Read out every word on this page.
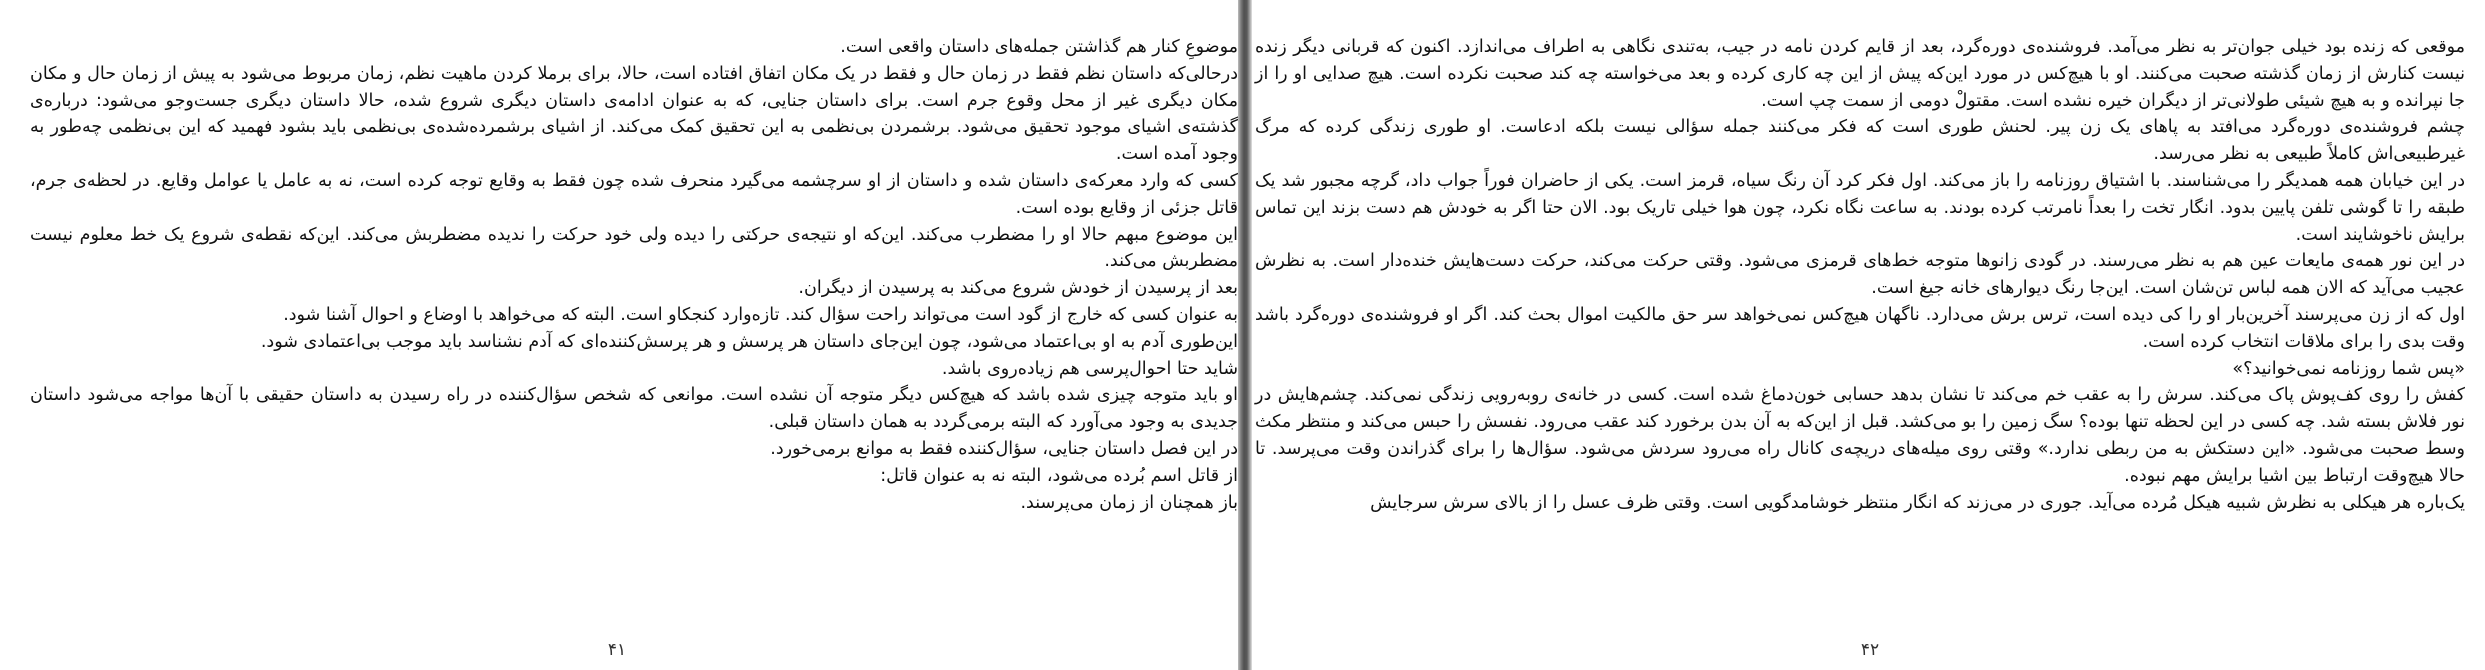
موضوعِ کنار هم گذاشتن جمله‌های داستان واقعی است.

درحالی‌که داستان نظم فقط در زمان حال و فقط در یک مکان اتفاق افتاده است، حالا، برای برملا کردن ماهیت نظم، زمان مربوط می‌شود به پیش از زمان حال و مکان مکان دیگری غیر از محل وقوع جرم است. برای داستان جنایی، که به عنوان ادامه‌ی داستان دیگری شروع شده، حالا داستان دیگری جست‌وجو می‌شود: درباره‌ی گذشته‌ی اشیای موجود تحقیق می‌شود. برشمردن بی‌نظمی به این تحقیق کمک می‌کند. از اشیای برشمرده‌شده‌ی بی‌نظمی باید بشود فهمید که این بی‌نظمی چه‌طور به وجود آمده است.

کسی که وارد معرکه‌ی داستان شده و داستان از او سرچشمه می‌گیرد منحرف شده چون فقط به وقایع توجه کرده است، نه به عامل یا عوامل وقایع. در لحظه‌ی جرم، قاتل جزئی از وقایع بوده است.

این موضوع مبهم حالا او را مضطرب می‌کند. این‌که او نتیجه‌ی حرکتی را دیده ولی خود حرکت را ندیده مضطربش می‌کند. این‌که نقطه‌ی شروع یک خط معلوم نیست مضطربش می‌کند.

بعد از پرسیدن از خودش شروع می‌کند به پرسیدن از دیگران.

به عنوان کسی که خارج از گود است می‌تواند راحت سؤال کند. تازه‌وارد کنجکاو است. البته که می‌خواهد با اوضاع و احوال آشنا شود.

این‌طوری آدم به او بی‌اعتماد می‌شود، چون این‌جای داستان هر پرسش و هر پرسش‌کننده‌ای که آدم نشناسد باید موجب بی‌اعتمادی شود.

شاید حتا احوال‌پرسی هم زیاده‌روی باشد.

او باید متوجه چیزی شده باشد که هیچ‌کس دیگر متوجه آن نشده است. موانعی که شخص سؤال‌کننده در راه رسیدن به داستان حقیقی با آن‌ها مواجه می‌شود داستان جدیدی به وجود می‌آورد که البته برمی‌گردد به همان داستان قبلی.

در این فصل داستان جنایی، سؤال‌کننده فقط به موانع برمی‌خورد.

از قاتل اسم بُرده می‌شود، البته نه به عنوان قاتل:

باز همچنان از زمان می‌پرسند.

۴۱

موقعی که زنده بود خیلی جوان‌تر به نظر می‌آمد. فروشنده‌ی دوره‌گرد، بعد از قایم کردن نامه در جیب، به‌تندی نگاهی به اطراف می‌اندازد. اکنون که قربانی دیگر زنده نیست کنارش از زمان گذشته صحبت می‌کنند. او با هیچ‌کس در مورد این‌که پیش از این چه کاری کرده و بعد می‌خواسته چه کند صحبت نکرده است. هیچ صدایی او را از جا نپرانده و به هیچ شیئی طولانی‌تر از دیگران خیره نشده است. مقتولْ دومی از سمت چپ است.

چشم فروشنده‌ی دوره‌گرد می‌افتد به پاهای یک زن پیر. لحنش طوری است که فکر می‌کنند جمله سؤالی نیست بلکه ادعاست. او طوری زندگی کرده که مرگ غیرطبیعی‌اش کاملاً طبیعی به نظر می‌رسد.

در این خیابان همه همدیگر را می‌شناسند. با اشتیاق روزنامه را باز می‌کند. اول فکر کرد آن رنگ سیاه، قرمز است. یکی از حاضران فوراً جواب داد، گرچه مجبور شد یک طبقه را تا گوشی تلفن پایین بدود. انگار تخت را بعداً نامرتب کرده بودند. به ساعت نگاه نکرد، چون هوا خیلی تاریک بود. الان حتا اگر به خودش هم دست بزند این تماس برایش ناخوشایند است.

در این نور همه‌ی مایعات عین هم به نظر می‌رسند. در گودی زانوها متوجه خط‌های قرمزی می‌شود. وقتی حرکت می‌کند، حرکت دست‌هایش خنده‌دار است. به نظرش عجیب می‌آید که الان همه لباس تن‌شان است. این‌جا رنگ دیوارهای خانه جیغ است.

اول که از زن می‌پرسند آخرین‌بار او را کی دیده است، ترس برش می‌دارد. ناگهان هیچ‌کس نمی‌خواهد سر حق مالکیت اموال بحث کند. اگر او فروشنده‌ی دوره‌گرد باشد وقت بدی را برای ملاقات انتخاب کرده است.

«پس شما روزنامه نمی‌خوانید؟»

کفش را روی کف‌پوش پاک می‌کند. سرش را به عقب خم می‌کند تا نشان بدهد حسابی خون‌دماغ شده است. کسی در خانه‌ی روبه‌رویی زندگی نمی‌کند. چشم‌هایش در نور فلاش بسته شد. چه کسی در این لحظه تنها بوده؟ سگ زمین را بو می‌کشد. قبل از این‌که به آن بدن برخورد کند عقب می‌رود. نفسش را حبس می‌کند و منتظر مکث وسط صحبت می‌شود. «این دستکش به من ربطی ندارد.» وقتی روی میله‌های دریچه‌ی کانال راه می‌رود سردش می‌شود. سؤال‌ها را برای گذراندن وقت می‌پرسد. تا حالا هیچ‌وقت ارتباط بین اشیا برایش مهم نبوده.

یک‌باره هر هیکلی به نظرش شبیه هیکل مُرده می‌آید. جوری در می‌زند که انگار منتظر خوشامدگویی است. وقتی ظرف عسل را از بالای سرش سرجایش

۴۲
